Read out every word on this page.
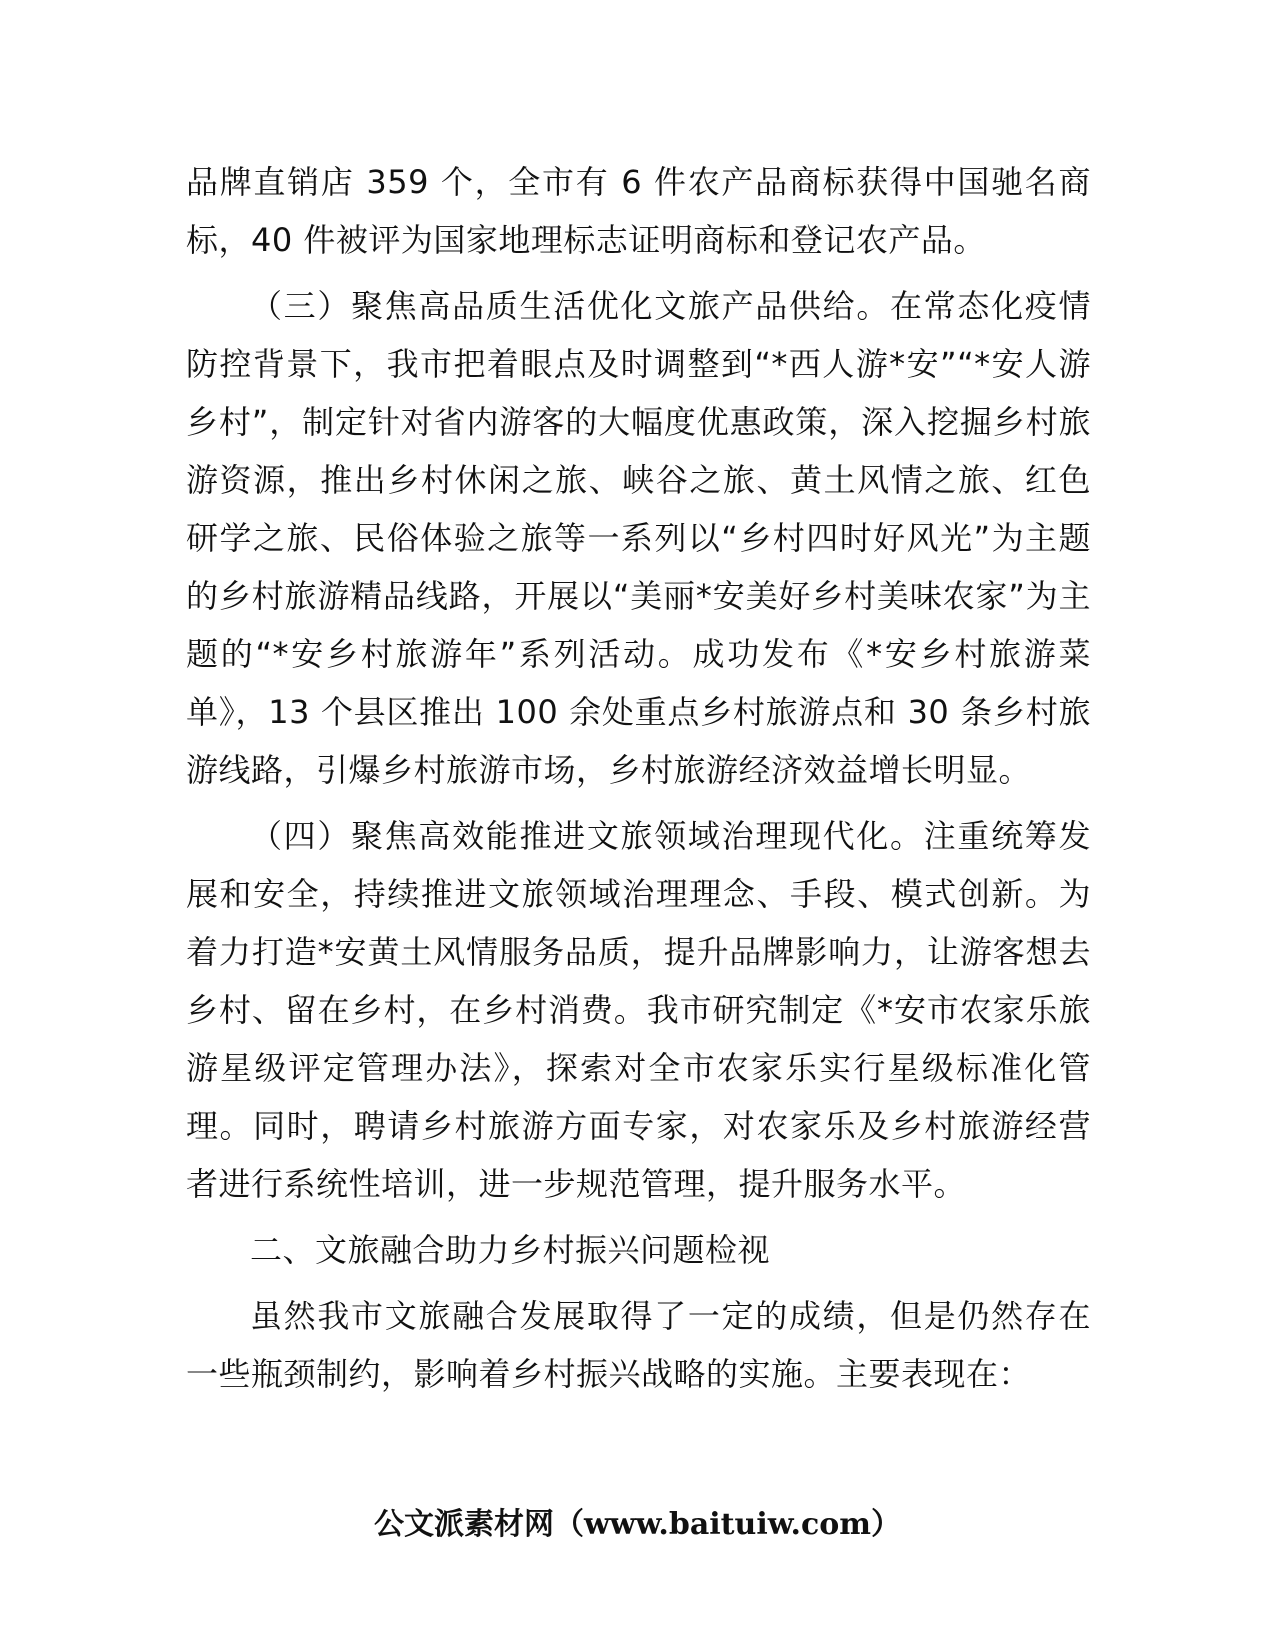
品牌直销店 359 个，全市有 6 件农产品商标获得中国驰名商标，40 件被评为国家地理标志证明商标和登记农产品。

（三）聚焦高品质生活优化文旅产品供给。在常态化疫情防控背景下，我市把着眼点及时调整到“*西人游*安”“*安人游乡村”，制定针对省内游客的大幅度优惠政策，深入挖掘乡村旅游资源，推出乡村休闲之旅、峡谷之旅、黄土风情之旅、红色研学之旅、民俗体验之旅等一系列以“乡村四时好风光”为主题的乡村旅游精品线路，开展以“美丽*安美好乡村美味农家”为主题的“*安乡村旅游年”系列活动。成功发布《*安乡村旅游菜单》，13 个县区推出 100 余处重点乡村旅游点和 30 条乡村旅游线路，引爆乡村旅游市场，乡村旅游经济效益增长明显。

（四）聚焦高效能推进文旅领域治理现代化。注重统筹发展和安全，持续推进文旅领域治理理念、手段、模式创新。为着力打造*安黄土风情服务品质，提升品牌影响力，让游客想去乡村、留在乡村，在乡村消费。我市研究制定《*安市农家乐旅游星级评定管理办法》，探索对全市农家乐实行星级标准化管理。同时，聘请乡村旅游方面专家，对农家乐及乡村旅游经营者进行系统性培训，进一步规范管理，提升服务水平。

二、文旅融合助力乡村振兴问题检视

虽然我市文旅融合发展取得了一定的成绩，但是仍然存在一些瓶颈制约，影响着乡村振兴战略的实施。主要表现在：

公文派素材网（www.baituiw.com）
